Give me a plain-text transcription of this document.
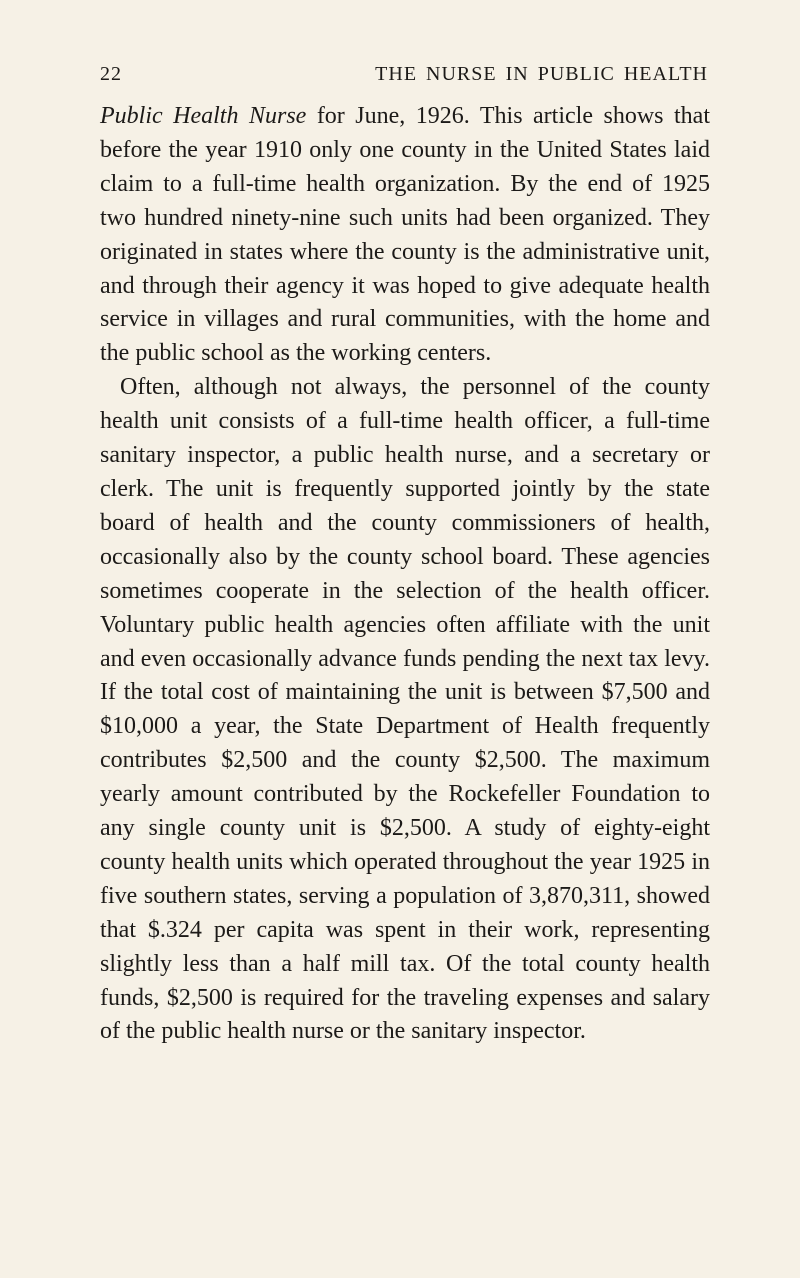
22	THE NURSE IN PUBLIC HEALTH

Public Health Nurse for June, 1926. This article shows that before the year 1910 only one county in the United States laid claim to a full-time health organization. By the end of 1925 two hundred ninety-nine such units had been organized. They originated in states where the county is the administrative unit, and through their agency it was hoped to give adequate health service in villages and rural communities, with the home and the public school as the working centers.

Often, although not always, the personnel of the county health unit consists of a full-time health officer, a full-time sanitary inspector, a public health nurse, and a secretary or clerk. The unit is frequently supported jointly by the state board of health and the county commissioners of health, occasionally also by the county school board. These agencies sometimes cooperate in the selection of the health officer. Voluntary public health agencies often affiliate with the unit and even occasionally advance funds pending the next tax levy. If the total cost of maintaining the unit is between $7,500 and $10,000 a year, the State Department of Health frequently contributes $2,500 and the county $2,500. The maximum yearly amount contributed by the Rockefeller Foundation to any single county unit is $2,500. A study of eighty-eight county health units which operated throughout the year 1925 in five southern states, serving a population of 3,870,311, showed that $.324 per capita was spent in their work, representing slightly less than a half mill tax. Of the total county health funds, $2,500 is required for the traveling expenses and salary of the public health nurse or the sanitary inspector.
